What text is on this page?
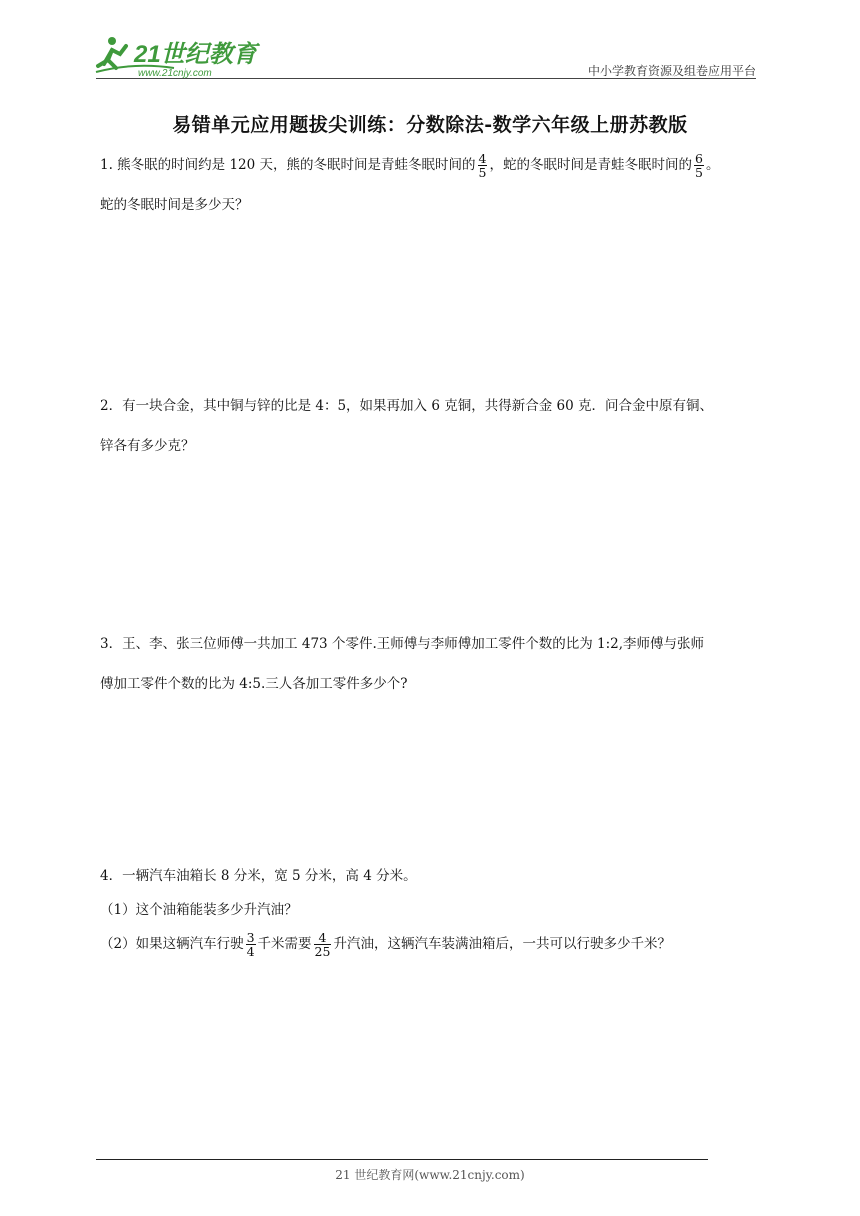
21世纪教育
www.21cnjy.com	中小学教育资源及组卷应用平台
易错单元应用题拔尖训练：分数除法-数学六年级上册苏教版

1. 熊冬眠的时间约是 120 天，熊的冬眠时间是青蛙冬眠时间的 $\frac{4}{5}$ ，蛇的冬眠时间是青蛙冬眠时间的 $\frac{6}{5}$ 。

蛇的冬眠时间是多少天？

2．有一块合金，其中铜与锌的比是 4：5，如果再加入 6 克铜，共得新合金 60 克．问合金中原有铜、

锌各有多少克？

3．王、李、张三位师傅一共加工 473 个零件.王师傅与李师傅加工零件个数的比为 1:2,李师傅与张师

傅加工零件个数的比为 4:5.三人各加工零件多少个?

4．一辆汽车油箱长 8 分米，宽 5 分米，高 4 分米。

（1）这个油箱能装多少升汽油？

（2）如果这辆汽车行驶 $\frac{3}{4}$ 千米需要 $\frac{4}{25}$ 升汽油，这辆汽车装满油箱后，一共可以行驶多少千米？

21 世纪教育网(www.21cnjy.com)
